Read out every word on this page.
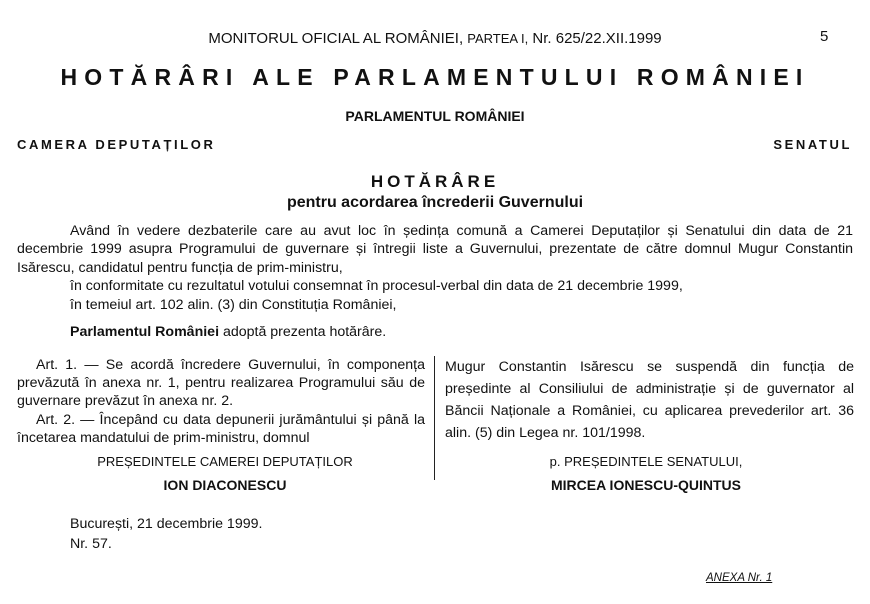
MONITORUL OFICIAL AL ROMÂNIEI, PARTEA I, Nr. 625/22.XII.1999	5
HOTĂRÂRI ALE PARLAMENTULUI ROMÂNIEI
PARLAMENTUL ROMÂNIEI
CAMERA DEPUTAȚILOR	SENATUL
HOTĂRÂRE
pentru acordarea încrederii Guvernului

Având în vedere dezbaterile care au avut loc în ședința comună a Camerei Deputaților și Senatului din data de 21 decembrie 1999 asupra Programului de guvernare și întregii liste a Guvernului, prezentate de către domnul Mugur Constantin Isărescu, candidatul pentru funcția de prim-ministru,

în conformitate cu rezultatul votului consemnat în procesul-verbal din data de 21 decembrie 1999,

în temeiul art. 102 alin. (3) din Constituția României,

Parlamentul României adoptă prezenta hotărâre.

Art. 1. — Se acordă încredere Guvernului, în componența prevăzută în anexa nr. 1, pentru realizarea Programului său de guvernare prevăzut în anexa nr. 2.

Art. 2. — Începând cu data depunerii jurământului și până la încetarea mandatului de prim-ministru, domnul

Mugur Constantin Isărescu se suspendă din funcția de președinte al Consiliului de administrație și de guvernator al Băncii Naționale a României, cu aplicarea prevederilor art. 36 alin. (5) din Legea nr. 101/1998.

PREȘEDINTELE CAMEREI DEPUTAȚILOR
ION DIACONESCU
p. PREȘEDINTELE SENATULUI,
MIRCEA IONESCU-QUINTUS
București, 21 decembrie 1999.
Nr. 57.
ANEXA Nr. 1
